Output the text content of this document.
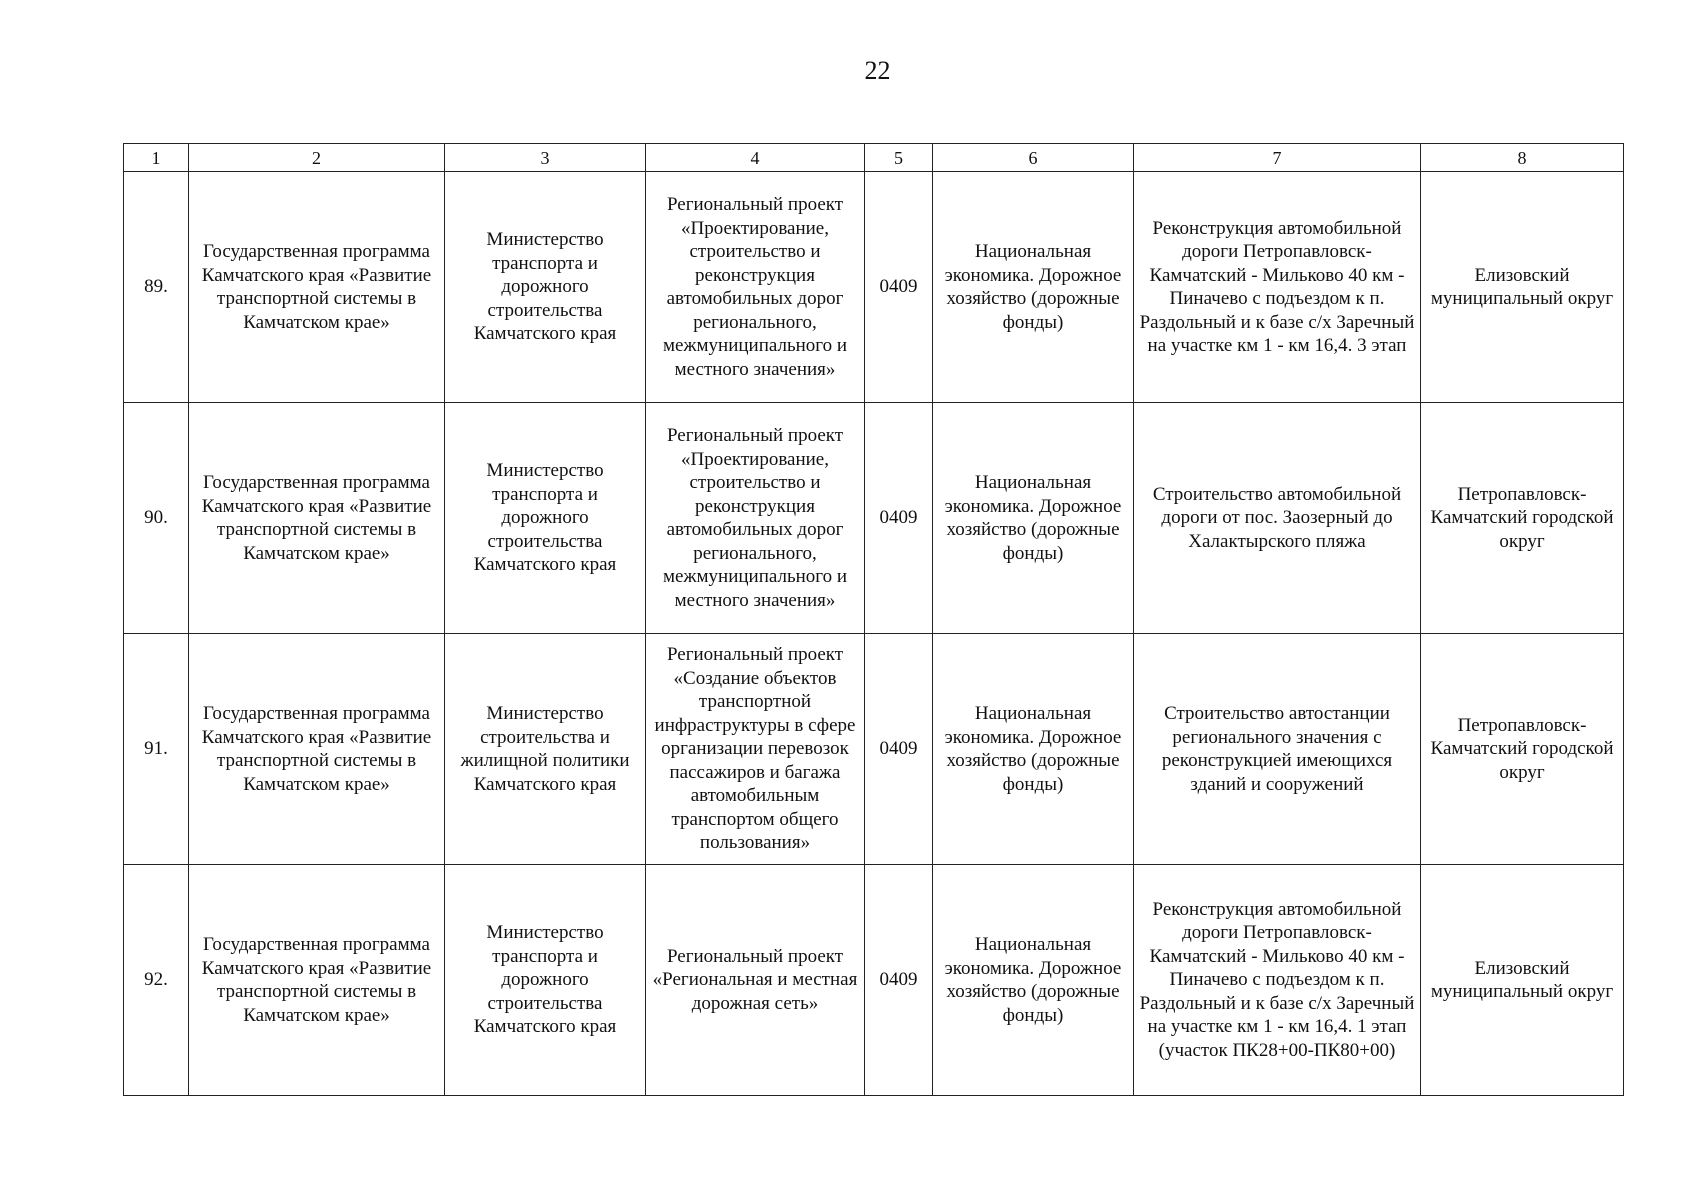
22
1	2	3	4	5	6	7	8
89.	Государственная программа Камчатского края «Развитие транспортной системы в Камчатском крае»	Министерство транспорта и дорожного строительства Камчатского края	Региональный проект «Проектирование, строительство и реконструкция автомобильных дорог регионального, межмуниципального и местного значения»	0409	Национальная экономика. Дорожное хозяйство (дорожные фонды)	Реконструкция автомобильной дороги Петропавловск-Камчатский - Мильково 40 км - Пиначево с подъездом к п. Раздольный и к базе с/х Заречный на участке км 1 - км 16,4. 3 этап	Елизовский муниципальный округ
90.	Государственная программа Камчатского края «Развитие транспортной системы в Камчатском крае»	Министерство транспорта и дорожного строительства Камчатского края	Региональный проект «Проектирование, строительство и реконструкция автомобильных дорог регионального, межмуниципального и местного значения»	0409	Национальная экономика. Дорожное хозяйство (дорожные фонды)	Строительство автомобильной дороги от пос. Заозерный до Халактырского пляжа	Петропавловск-Камчатский городской округ
91.	Государственная программа Камчатского края «Развитие транспортной системы в Камчатском крае»	Министерство строительства и жилищной политики Камчатского края	Региональный проект «Создание объектов транспортной инфраструктуры в сфере организации перевозок пассажиров и багажа автомобильным транспортом общего пользования»	0409	Национальная экономика. Дорожное хозяйство (дорожные фонды)	Строительство автостанции регионального значения с реконструкцией имеющихся зданий и сооружений	Петропавловск-Камчатский городской округ
92.	Государственная программа Камчатского края «Развитие транспортной системы в Камчатском крае»	Министерство транспорта и дорожного строительства Камчатского края	Региональный проект «Региональная и местная дорожная сеть»	0409	Национальная экономика. Дорожное хозяйство (дорожные фонды)	Реконструкция автомобильной дороги Петропавловск-Камчатский - Мильково 40 км - Пиначево с подъездом к п. Раздольный и к базе с/х Заречный на участке км 1 - км 16,4. 1 этап (участок ПК28+00-ПК80+00)	Елизовский муниципальный округ
